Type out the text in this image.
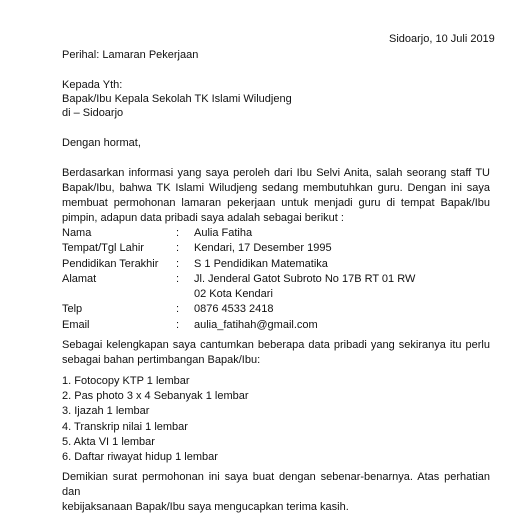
Sidoarjo, 10 Juli 2019
Perihal: Lamaran Pekerjaan
Kepada Yth:
Bapak/Ibu Kepala Sekolah TK Islami Wiludjeng
di – Sidoarjo
Dengan hormat,

Berdasarkan informasi yang saya peroleh dari Ibu Selvi Anita, salah seorang staff TU

Bapak/Ibu, bahwa TK Islami Wiludjeng sedang membutuhkan guru. Dengan ini saya

membuat permohonan lamaran pekerjaan untuk menjadi guru di tempat Bapak/Ibu

pimpin, adapun data pribadi saya adalah sebagai berikut :

Nama	:	Aulia Fatiha
Tempat/Tgl Lahir	:	Kendari, 17 Desember 1995
Pendidikan Terakhir	:	S 1 Pendidikan Matematika
Alamat	:	Jl. Jenderal Gatot Subroto No 17B RT 01 RW 02 Kota Kendari
Telp	:	0876 4533 2418
Email	:	aulia_fatihah@gmail.com

Sebagai kelengkapan saya cantumkan beberapa data pribadi yang sekiranya itu perlu

sebagai bahan pertimbangan Bapak/Ibu:

1. Fotocopy KTP 1 lembar
2. Pas photo 3 x 4 Sebanyak 1 lembar
3. Ijazah 1 lembar
4. Transkrip nilai 1 lembar
5. Akta VI 1 lembar
6. Daftar riwayat hidup 1 lembar

Demikian surat permohonan ini saya buat dengan sebenar-benarnya. Atas perhatian dan

kebijaksanaan Bapak/Ibu saya mengucapkan terima kasih.
